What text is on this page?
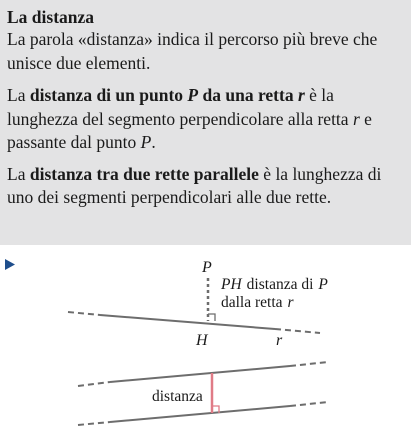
La distanza

La parola «distanza» indica il percorso più breve che unisce due elementi.

La distanza di un punto P da una retta r è la lunghezza del segmento perpendicolare alla retta r e passante dal punto P.

La distanza tra due rette parallele è la lunghezza di uno dei segmenti perpendicolari alle due rette.

P
H	r
PH distanza di P
dalla retta r
distanza
